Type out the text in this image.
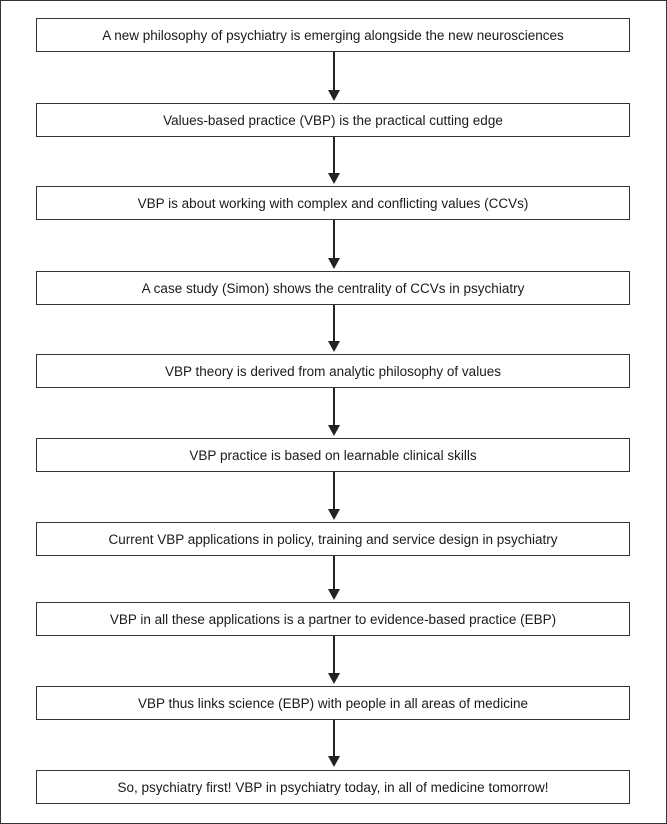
A new philosophy of psychiatry is emerging alongside the new neurosciences
Values-based practice (VBP) is the practical cutting edge
VBP is about working with complex and conflicting values (CCVs)
A case study (Simon) shows the centrality of CCVs in psychiatry
VBP theory is derived from analytic philosophy of values
VBP practice is based on learnable clinical skills
Current VBP applications in policy, training and service design in psychiatry
VBP in all these applications is a partner to evidence-based practice (EBP)
VBP thus links science (EBP) with people in all areas of medicine
So, psychiatry first! VBP in psychiatry today, in all of medicine tomorrow!
